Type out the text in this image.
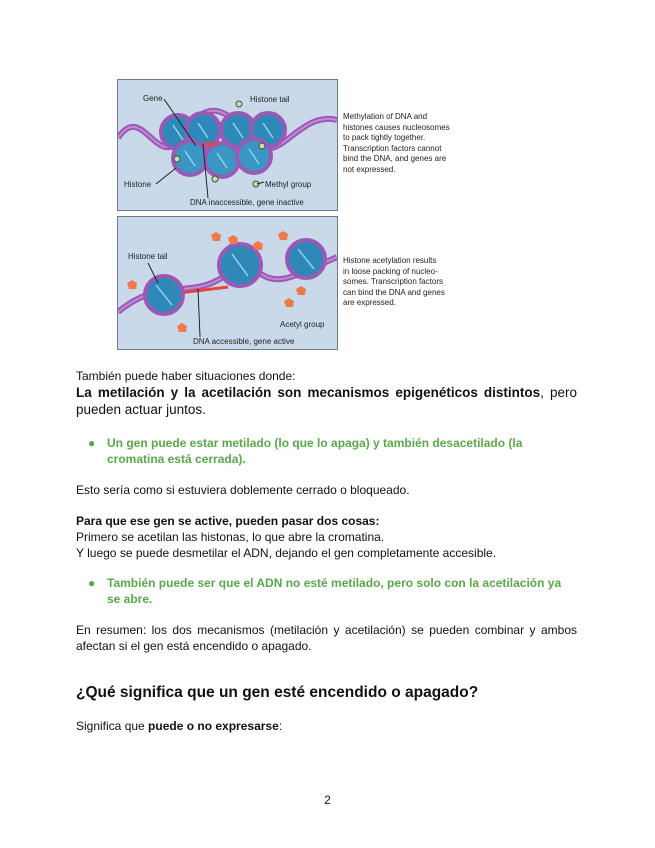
Gene	Histone tail
Histone	Methyl group
DNA inaccessible, gene inactive
Methylation of DNA and
histones causes nucleosomes
to pack tightly together.
Transcription factors cannot
bind the DNA, and genes are
not expressed.
Histone tail
Acetyl group
DNA accessible, gene active
Histone acetylation results
in loose packing of nucleo-
somes. Transcription factors
can bind the DNA and genes
are expressed.

También puede haber situaciones donde:

La metilación y la acetilación son mecanismos epigenéticos distintos, pero pueden actuar juntos.

● Un gen puede estar metilado (lo que lo apaga) y también desacetilado (la cromatina está cerrada).

Esto sería como si estuviera doblemente cerrado o bloqueado.

Para que ese gen se active, pueden pasar dos cosas:

Primero se acetilan las histonas, lo que abre la cromatina.

Y luego se puede desmetilar el ADN, dejando el gen completamente accesible.

● También puede ser que el ADN no esté metilado, pero solo con la acetilación ya se abre.

En resumen: los dos mecanismos (metilación y acetilación) se pueden combinar y ambos afectan si el gen está encendido o apagado.

¿Qué significa que un gen esté encendido o apagado?

Significa que puede o no expresarse:

2
